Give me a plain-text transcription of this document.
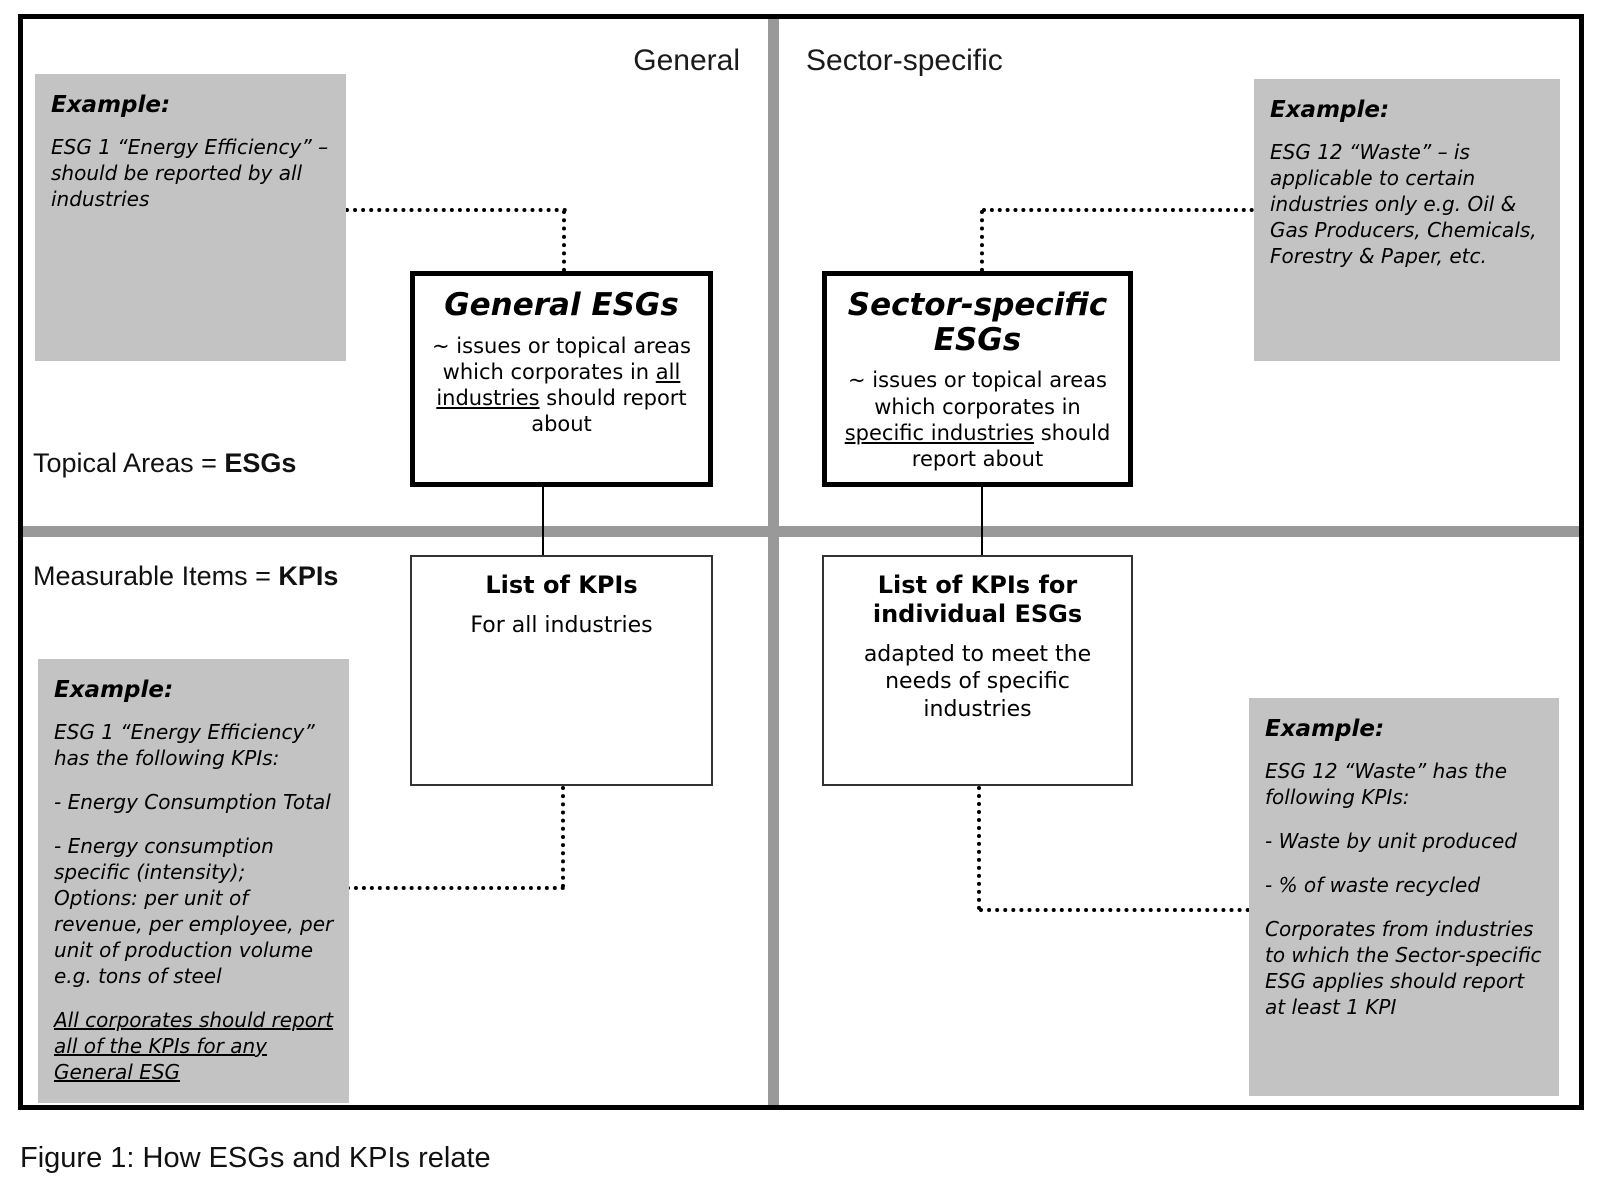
General Sector-specific
Topical Areas = ESGs
Measurable Items = KPIs
Example:

ESG 1 “Energy Efficiency” – should be reported by all industries

Example:

ESG 12 “Waste” – is applicable to certain industries only e.g. Oil & Gas Producers, Chemicals, Forestry & Paper, etc.

Example:

ESG 1 “Energy Efficiency” has the following KPIs:

- Energy Consumption Total

- Energy consumption specific (intensity); Options: per unit of revenue, per employee, per unit of production volume e.g. tons of steel

All corporates should report all of the KPIs for any General ESG

Example:

ESG 12 “Waste” has the following KPIs:

- Waste by unit produced

- % of waste recycled

Corporates from industries to which the Sector-specific ESG applies should report at least 1 KPI

General ESGs
~ issues or topical areas which corporates in all industries should report about
Sector-specific ESGs
~ issues or topical areas which corporates in specific industries should report about
List of KPIs
For all industries
List of KPIs for individual ESGs
adapted to meet the needs of specific industries
Figure 1: How ESGs and KPIs relate
